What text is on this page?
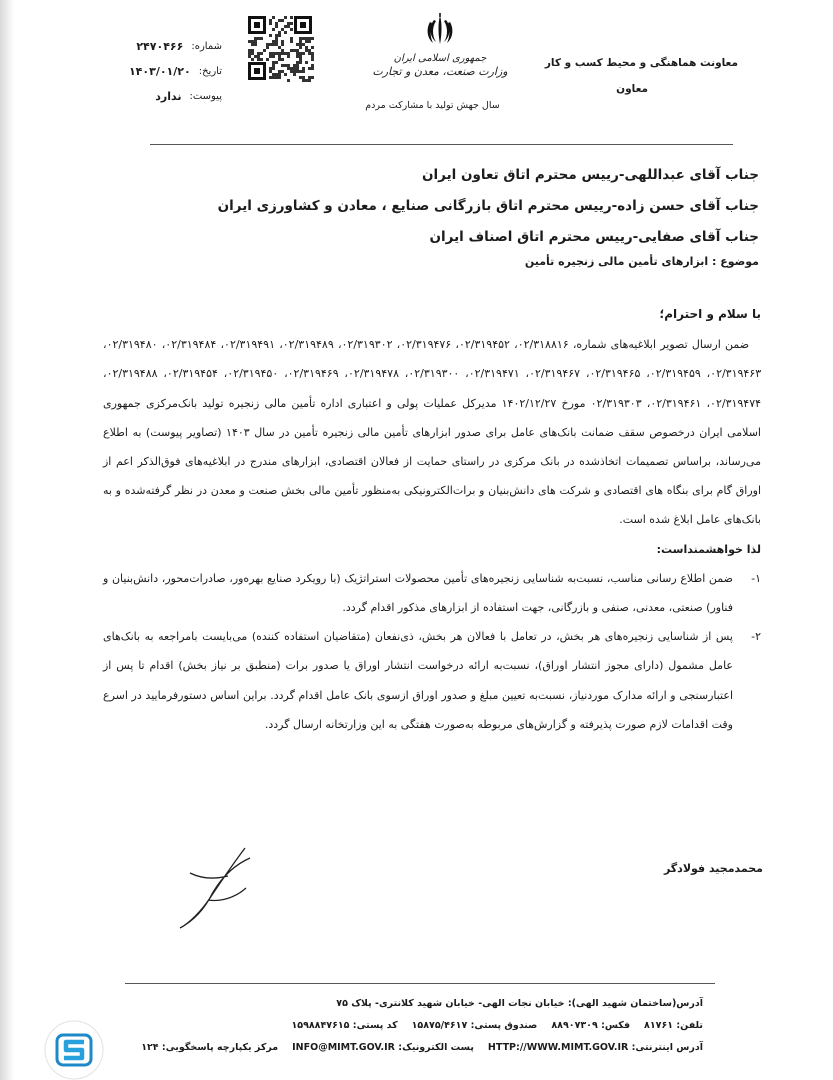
معاونت هماهنگی و محیط کسب و کار
معاون
جمهوری اسلامی ایران
وزارت صنعت، معدن و تجارت
سال جهش تولید با مشارکت مردم
شماره:
۲۴۷۰۴۶۶
تاریخ:
۱۴۰۳/۰۱/۲۰
پیوست:
ندارد
جناب آقای عبداللهی-رییس محترم اتاق تعاون ایران
جناب آقای حسن زاده-رییس محترم اتاق بازرگانی صنایع ، معادن و کشاورزی ایران
جناب آقای صفایی-رییس محترم اتاق اصناف ایران
موضوع : ابزارهای تأمین مالی زنجیره تأمین

با سلام و احترام؛

ضمن ارسال تصویر ابلاغیه‌های شماره، ۰۲/۳۱۸۸۱۶، ۰۲/۳۱۹۴۵۲، ۰۲/۳۱۹۴۷۶، ۰۲/۳۱۹۳۰۲، ۰۲/۳۱۹۴۸۹، ۰۲/۳۱۹۴۹۱، ۰۲/۳۱۹۴۸۴، ۰۲/۳۱۹۴۸۰، ۰۲/۳۱۹۴۶۳، ۰۲/۳۱۹۴۵۹، ۰۲/۳۱۹۴۶۵، ۰۲/۳۱۹۴۶۷، ۰۲/۳۱۹۴۷۱، ۰۲/۳۱۹۳۰۰، ۰۲/۳۱۹۴۷۸، ۰۲/۳۱۹۴۶۹، ۰۲/۳۱۹۴۵۰، ۰۲/۳۱۹۴۵۴، ۰۲/۳۱۹۴۸۸، ۰۲/۳۱۹۴۷۴، ۰۲/۳۱۹۴۶۱، ۰۲/۳۱۹۳۰۳ مورخ ۱۴۰۲/۱۲/۲۷ مدیرکل عملیات پولی و اعتباری اداره تأمین مالی زنجیره تولید بانک‌مرکزی جمهوری اسلامی ایران درخصوص سقف ضمانت بانک‌های عامل برای صدور ابزارهای تأمین مالی زنجیره تأمین در سال ۱۴۰۳ (تصاویر پیوست) به اطلاع می‌رساند، براساس تصمیمات اتخاذشده در بانک مرکزی در راستای حمایت از فعالان اقتصادی، ابزارهای مندرج در ابلاغیه‌های فوق‌الذکر اعم از اوراق گام برای بنگاه های اقتصادی و شرکت های دانش‌بنیان و برات‌الکترونیکی به‌منظور تأمین مالی بخش صنعت و معدن در نظر گرفته‌شده و به بانک‌های عامل ابلاغ شده است.

لذا خواهشمنداست:

۱-
ضمن اطلاع رسانی مناسب، نسبت‌به شناسایی زنجیره‌های تأمین محصولات استراتژیک (با رویکرد صنایع بهره‌ور، صادرات‌محور، دانش‌بنیان و فناور) صنعتی، معدنی، صنفی و بازرگانی، جهت استفاده از ابزارهای مذکور اقدام گردد.

۲-
پس از شناسایی زنجیره‌های هر بخش، در تعامل با فعالان هر بخش، ذی‌نفعان (متقاضیان استفاده کننده) می‌بایست بامراجعه به بانک‌های عامل مشمول (دارای مجوز انتشار اوراق)، نسبت‌به ارائه درخواست انتشار اوراق یا صدور برات (منطبق بر نیاز بخش) اقدام تا پس از اعتبارسنجی و ارائه مدارک موردنیاز، نسبت‌به تعیین مبلغ و صدور اوراق ازسوی بانک عامل اقدام گردد. براین اساس دستورفرمایید در اسرع وقت اقدامات لازم صورت پذیرفته و گزارش‌های مربوطه به‌صورت هفتگی به این وزارتخانه ارسال گردد.

محمدمجید فولادگر
آدرس(ساختمان شهید الهی): خیابان نجات الهی- خیابان شهید کلانتری- پلاک ۷۵
تلفن: ۸۱۷۶۱
فکس: ۸۸۹۰۷۳۰۹
صندوق پستی: ۱۵۸۷۵/۴۶۱۷
کد پستی: ۱۵۹۸۸۴۷۶۱۵
آدرس اینترنتی: HTTP://WWW.MIMT.GOV.IR
پست الکترونیک: INFO@MIMT.GOV.IR
مرکز یکپارچه پاسخگویی: ۱۲۴
